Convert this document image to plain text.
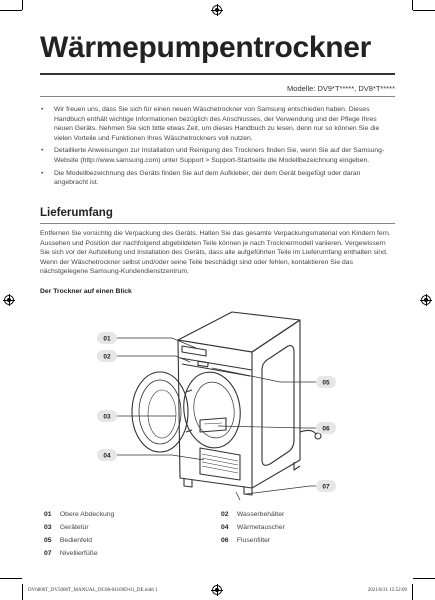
Wärmepumpentrockner
Modelle: DV9*T*****, DV8*T*****
• Wir freuen uns, dass Sie sich für einen neuen Wäschetrockner von Samsung entschieden haben. Dieses Handbuch enthält wichtige Informationen bezüglich des Anschlusses, der Verwendung und der Pflege Ihres neuen Geräts. Nehmen Sie sich bitte etwas Zeit, um dieses Handbuch zu lesen, denn nur so können Sie die vielen Vorteile und Funktionen Ihres Wäschetrockners voll nutzen.
• Detaillierte Anweisungen zur Installation und Reinigung des Trockners finden Sie, wenn Sie auf der Samsung-Website (http://www.samsung.com) unter Support > Support-Startseite die Modellbezeichnung eingeben.
• Die Modellbezeichnung des Geräts finden Sie auf dem Aufkleber, der dem Gerät beigefügt oder daran angebracht ist.
Lieferumfang

Entfernen Sie vorsichtig die Verpackung des Geräts. Halten Sie das gesamte Verpackungsmaterial von Kindern fern. Aussehen und Position der nachfolgend abgebildeten Teile können je nach Trocknermodell variieren. Vergewissern Sie sich vor der Aufstellung und Installation des Geräts, dass alle aufgeführten Teile im Lieferumfang enthalten sind. Wenn der Wäschetrockner selbst und/oder seine Teile beschädigt sind oder fehlen, kontaktieren Sie das nächstgelegene Samsung-Kundendienstzentrum.

Der Trockner auf einen Blick
01
02
03
04
05
06
07
01 Obere Abdeckung	02 Wasserbehälter
03 Gerätetür	04 Wärmetauscher
05 Bedienfeld	06 Flusenfilter
07 Nivellierfüße
DV6800T_DV5000T_MANUAL_DC68-04169D-01_DE.indd 1	2021/8/31 15:52:09
